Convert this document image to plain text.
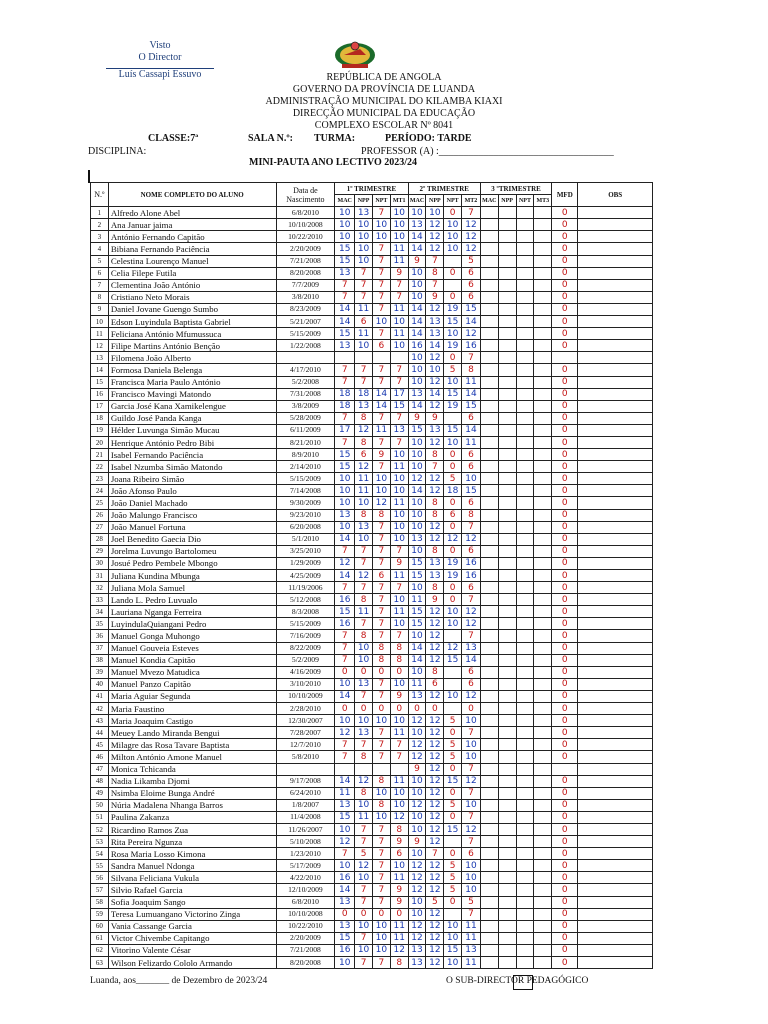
Visto
O Director
Luís Cassapi Essuvo	REPÚBLICA DE ANGOLA
GOVERNO DA PROVÍNCIA DE LUANDA
ADMINISTRAÇÃO MUNICIPAL DO KILAMBA KIAXI
DIRECÇÃO MUNICIPAL DA EDUCAÇÃO
COMPLEXO ESCOLAR Nº 8041
CLASSE:7ª	SALA N.º: TURMA:	PERÍODO: TARDE
DISCIPLINA:	PROFESSOR (A) :___________________________________
MINI-PAUTA ANO LECTIVO 2023/24
N.º	NOME COMPLETO DO ALUNO	Data de Nascimento	1º TRIMESTRE				2º TRIMESTRE				3 ºTRIMESTRE				MFD	OBS
			MAC	NPP	NPT	MT1	MAC	NPP	NPT	MT2	MAC	NPP	NPT	MT3		
1	Alfredo Alone Abel	6/8/2010	10	13	7	10	10	10	0	7					0	
2	Ana Januar jaima	10/10/2008	10	10	10	10	13	12	10	12					0	
3	António Fernando Capitão	10/22/2010	10	10	10	10	14	12	10	12					0	
4	Bibiana Fernando Paciência	2/20/2009	15	10	7	11	14	12	10	12					0	
5	Celestina Lourenço Manuel	7/21/2008	15	10	7	11	9	7		5					0	
6	Celia Filepe Futila	8/20/2008	13	7	7	9	10	8	0	6					0	
7	Clementina João António	7/7/2009	7	7	7	7	10	7		6					0	
8	Cristiano Neto Morais	3/8/2010	7	7	7	7	10	9	0	6					0	
9	Daniel Jovane Guengo Sumbo	8/23/2009	14	11	7	11	14	12	19	15					0	
10	Edson Luyindula Baptista Gabriel	5/21/2007	14	6	10	10	14	13	15	14					0	
11	Feliciana António Mfumussuca	5/15/2009	15	11	7	11	14	13	10	12					0	
12	Filipe Martins António Benção	1/22/2008	13	10	6	10	16	14	19	16					0	
13	Filomena João Alberto						10	12	0	7						
14	Formosa Daniela Belenga	4/17/2010	7	7	7	7	10	10	5	8					0	
15	Francisca Maria Paulo António	5/2/2008	7	7	7	7	10	12	10	11					0	
16	Francisco Mavingi Matondo	7/31/2008	18	18	14	17	13	14	15	14					0	
17	Garcia José Kana Xamikelengue	3/8/2009	18	13	14	15	14	12	19	15					0	
18	Guildo José Panda Kanga	5/28/2009	7	8	7	7	9	9		6					0	
19	Hélder Luvunga Simão Mucau	6/11/2009	17	12	11	13	15	13	15	14					0	
20	Henrique António Pedro Bibi	8/21/2010	7	8	7	7	10	12	10	11					0	
21	Isabel Fernando Paciência	8/9/2010	15	6	9	10	10	8	0	6					0	
22	Isabel Nzumba Simão Matondo	2/14/2010	15	12	7	11	10	7	0	6					0	
23	Joana Ribeiro Simão	5/15/2009	10	11	10	10	12	12	5	10					0	
24	João Afonso Paulo	7/14/2008	10	11	10	10	14	12	18	15					0	
25	João Daniel Machado	9/30/2009	10	10	12	11	10	8	0	6					0	
26	João Malungo Francisco	9/23/2010	13	8	8	10	10	8	6	8					0	
27	João Manuel Fortuna	6/20/2008	10	13	7	10	10	12	0	7					0	
28	Joel Benedito Gaecia Dio	5/1/2010	14	10	7	10	13	12	12	12					0	
29	Jorelma Luvungo Bartolomeu	3/25/2010	7	7	7	7	10	8	0	6					0	
30	Josué Pedro Pembele Mbongo	1/29/2009	12	7	7	9	15	13	19	16					0	
31	Juliana Kundina Mbunga	4/25/2009	14	12	6	11	15	13	19	16					0	
32	Juliana Mola Samuel	11/19/2006	7	7	7	7	10	8	0	6					0	
33	Lando L. Pedro Luvualo	5/12/2008	16	8	7	10	11	9	0	7					0	
34	Lauriana Nganga Ferreira	8/3/2008	15	11	7	11	15	12	10	12					0	
35	LuyindulaQuiangani Pedro	5/15/2009	16	7	7	10	15	12	10	12					0	
36	Manuel Gonga Muhongo	7/16/2009	7	8	7	7	10	12		7					0	
37	Manuel Gouveia Esteves	8/22/2009	7	10	8	8	14	12	12	13					0	
38	Manuel Kondia Capitão	5/2/2009	7	10	8	8	14	12	15	14					0	
39	Manuel Mvezo Matudica	4/16/2009	0	0	0	0	10	8		6					0	
40	Manuel Panzo Capitão	3/10/2010	10	13	7	10	11	6		6					0	
41	Maria Aguiar Segunda	10/10/2009	14	7	7	9	13	12	10	12					0	
42	Maria Faustino	2/28/2010	0	0	0	0	0	0		0					0	
43	Maria Joaquim Castigo	12/30/2007	10	10	10	10	12	12	5	10					0	
44	Meuey Lando Miranda Bengui	7/28/2007	12	13	7	11	10	12	0	7					0	
45	Milagre das Rosa Tavare Baptista	12/7/2010	7	7	7	7	12	12	5	10					0	
46	Milton António Amone Manuel	5/8/2010	7	8	7	7	12	12	5	10					0	
47	Monica Tchicanda						9	12	0	7						
48	Nadia Likamba Djomi	9/17/2008	14	12	8	11	10	12	15	12					0	
49	Nsimba Eloime Bunga André	6/24/2010	11	8	10	10	10	12	0	7					0	
50	Núria Madalena Nhanga Barros	1/8/2007	13	10	8	10	12	12	5	10					0	
51	Paulina Zakanza	11/4/2008	15	11	10	12	10	12	0	7					0	
52	Ricardino Ramos Zua	11/26/2007	10	7	7	8	10	12	15	12					0	
53	Rita Pereira Ngunza	5/10/2008	12	7	7	9	9	12		7					0	
54	Rosa Maria Losso Kimona	1/23/2010	7	5	7	6	10	7	0	6					0	
55	Sandra Manuel Ndonga	5/17/2009	10	12	7	10	12	12	5	10					0	
56	Silvana Feliciana Vukula	4/22/2010	16	10	7	11	12	12	5	10					0	
57	Silvio Rafael Garcia	12/10/2009	14	7	7	9	12	12	5	10					0	
58	Sofia Joaquim Sango	6/8/2010	13	7	7	9	10	5	0	5					0	
59	Teresa Lumuangano Victorino Zinga	10/10/2008	0	0	0	0	10	12		7					0	
60	Vania Cassange Garcia	10/22/2010	13	10	10	11	12	12	10	11					0	
61	Victor Chivembe Capitango	2/20/2009	15	7	10	11	12	12	10	11					0	
62	Vitorino Valente César	7/21/2008	16	10	10	12	13	12	15	13					0	
63	Wilson Felizardo Cololo Armando	8/20/2008	10	7	7	8	13	12	10	11					0	
Luanda, aos_______ de Dezembro de 2023/24	O SUB-DIRECTOR PEDAGÓGICO
